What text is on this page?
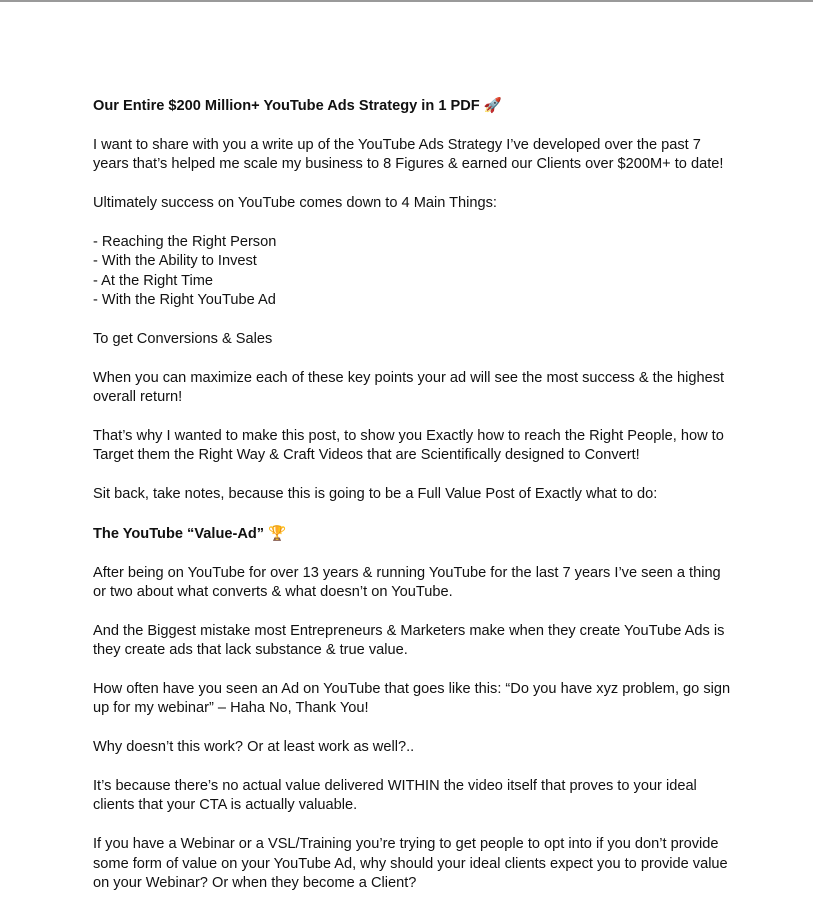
Our Entire $200 Million+ YouTube Ads Strategy in 1 PDF 🚀

I want to share with you a write up of the YouTube Ads Strategy I’ve developed over the past 7 years that’s helped me scale my business to 8 Figures & earned our Clients over $200M+ to date!

Ultimately success on YouTube comes down to 4 Main Things:

- Reaching the Right Person
- With the Ability to Invest
- At the Right Time
- With the Right YouTube Ad

To get Conversions & Sales

When you can maximize each of these key points your ad will see the most success & the highest overall return!

That’s why I wanted to make this post, to show you Exactly how to reach the Right People, how to Target them the Right Way & Craft Videos that are Scientifically designed to Convert!

Sit back, take notes, because this is going to be a Full Value Post of Exactly what to do:

The YouTube “Value-Ad” 🏆

After being on YouTube for over 13 years & running YouTube for the last 7 years I’ve seen a thing or two about what converts & what doesn’t on YouTube.

And the Biggest mistake most Entrepreneurs & Marketers make when they create YouTube Ads is they create ads that lack substance & true value.

How often have you seen an Ad on YouTube that goes like this: “Do you have xyz problem, go sign up for my webinar” – Haha No, Thank You!

Why doesn’t this work? Or at least work as well?..

It’s because there’s no actual value delivered WITHIN the video itself that proves to your ideal clients that your CTA is actually valuable.

If you have a Webinar or a VSL/Training you’re trying to get people to opt into if you don’t provide some form of value on your YouTube Ad, why should your ideal clients expect you to provide value on your Webinar? Or when they become a Client?
